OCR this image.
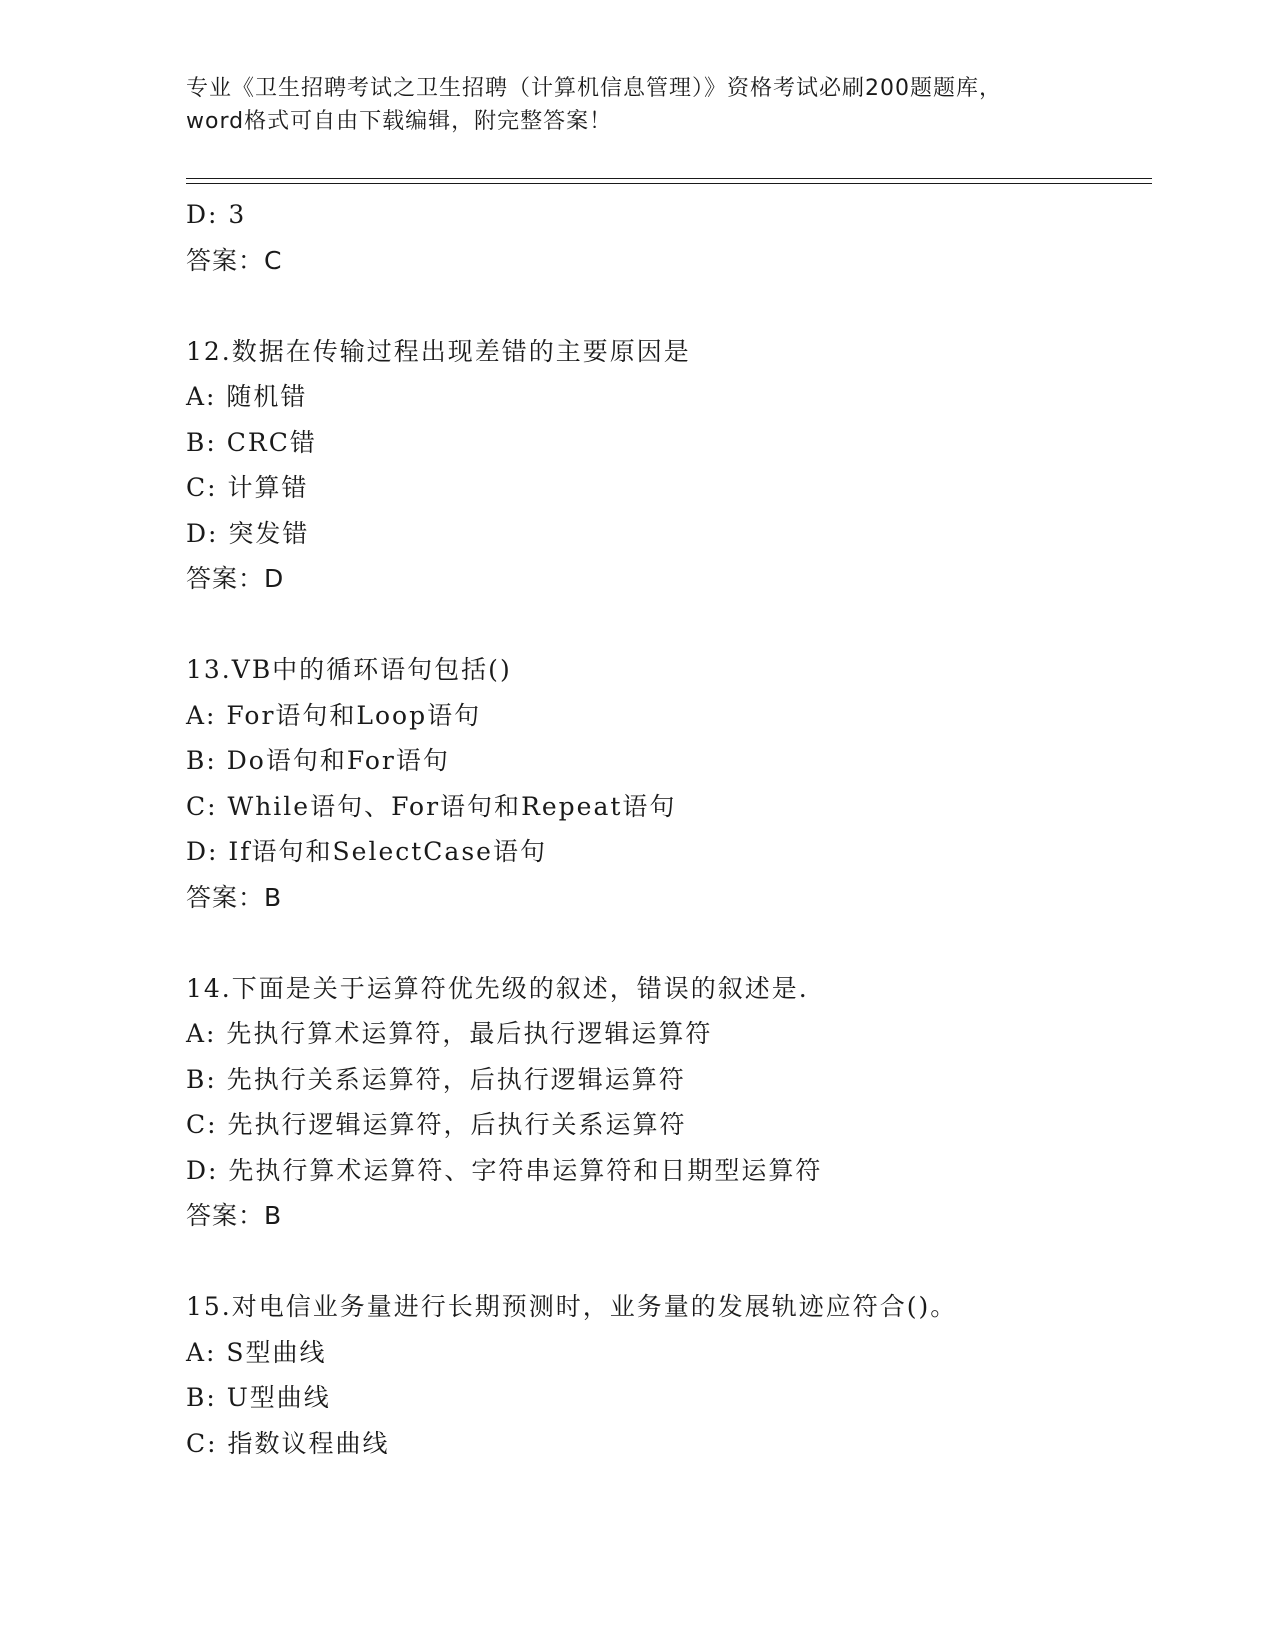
专业《卫生招聘考试之卫生招聘（计算机信息管理）》资格考试必刷200题题库，
word格式可自由下载编辑，附完整答案！
D: 3
答案：C
12.数据在传输过程出现差错的主要原因是
A: 随机错
B: CRC错
C: 计算错
D: 突发错
答案：D
13.VB中的循环语句包括()
A: For语句和Loop语句
B: Do语句和For语句
C: While语句、For语句和Repeat语句
D: If语句和SelectCase语句
答案：B
14.下面是关于运算符优先级的叙述，错误的叙述是.
A: 先执行算术运算符，最后执行逻辑运算符
B: 先执行关系运算符，后执行逻辑运算符
C: 先执行逻辑运算符，后执行关系运算符
D: 先执行算术运算符、字符串运算符和日期型运算符
答案：B
15.对电信业务量进行长期预测时，业务量的发展轨迹应符合()。
A: S型曲线
B: U型曲线
C: 指数议程曲线
